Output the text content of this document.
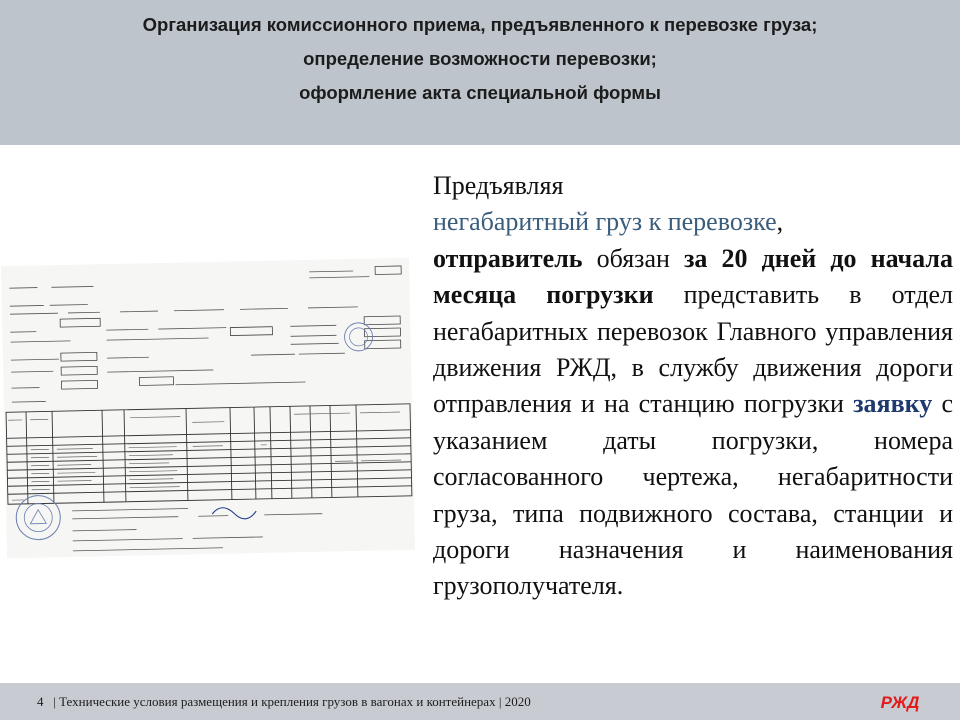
Организация комиссионного приема, предъявленного к перевозке груза;
определение возможности перевозки;
оформление акта специальной формы

Предъявляя
негабаритный груз к перевозке,
отправитель обязан за 20 дней до начала месяца погрузки представить в отдел негабаритных перевозок Главного управления движения РЖД, в службу движения дороги отправления и на станцию погрузки заявку с указанием даты погрузки, номера согласованного чертежа, негабаритности груза, типа подвижного состава, станции и дороги назначения и наименования грузополучателя.

4 | Технические условия размещения и крепления грузов в вагонах и контейнерах | 2020	РЖД
